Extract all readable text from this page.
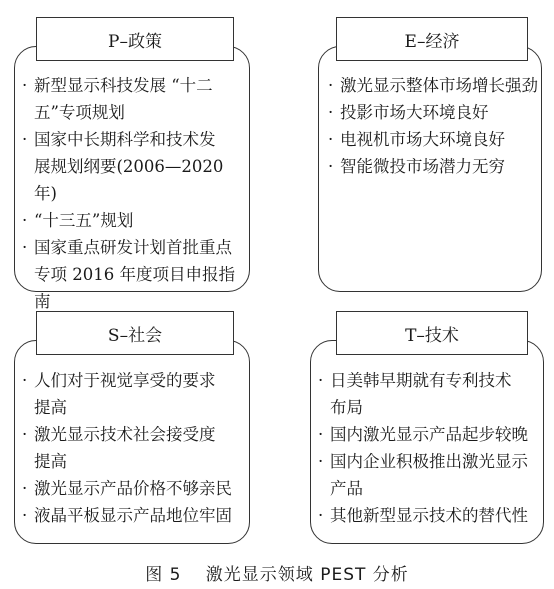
P–政策
· 新型显示科技发展 “十二
五”专项规划
· 国家中长期科学和技术发
展规划纲要(2006—2020 年)
· “十三五”规划
· 国家重点研发计划首批重点
专项 2016 年度项目申报指南
E–经济
· 激光显示整体市场增长强劲
· 投影市场大环境良好
· 电视机市场大环境良好
· 智能微投市场潜力无穷
S–社会
· 人们对于视觉享受的要求
提高
· 激光显示技术社会接受度
提高
· 激光显示产品价格不够亲民
· 液晶平板显示产品地位牢固
T–技术
· 日美韩早期就有专利技术
布局
· 国内激光显示产品起步较晚
· 国内企业积极推出激光显示
产品
· 其他新型显示技术的替代性
图 5　 激光显示领域 PEST 分析
